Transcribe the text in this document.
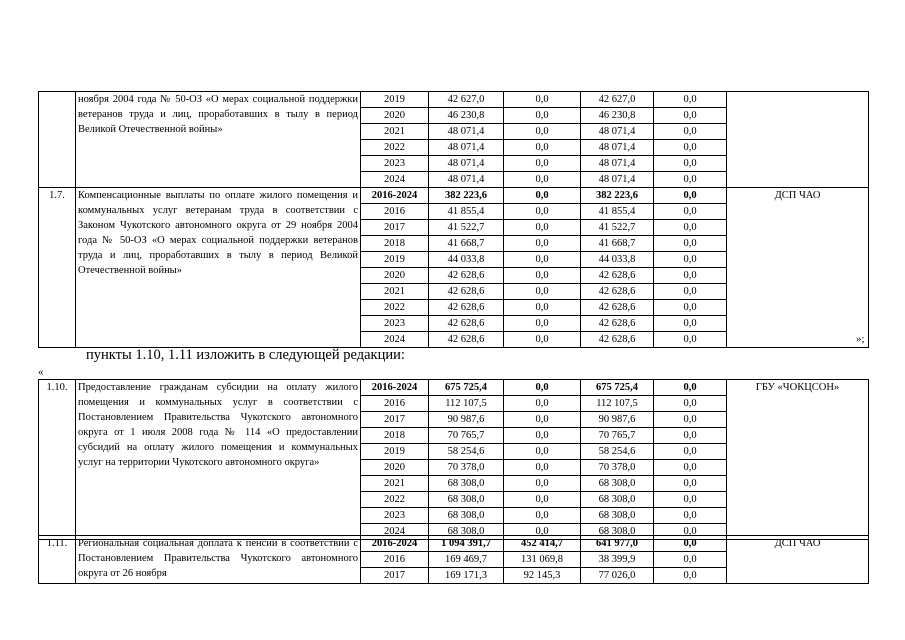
	ноября 2004 года № 50-ОЗ «О мерах социальной поддержки ветеранов труда и лиц, проработавших в тылу в период Великой Отечественной войны»	2019	42 627,0	0,0	42 627,0	0,0	
		2020	46 230,8	0,0	46 230,8	0,0	
		2021	48 071,4	0,0	48 071,4	0,0	
		2022	48 071,4	0,0	48 071,4	0,0	
		2023	48 071,4	0,0	48 071,4	0,0	
		2024	48 071,4	0,0	48 071,4	0,0	
1.7.	Компенсационные выплаты по оплате жилого помещения и коммунальных услуг ветеранам труда в соответствии с Законом Чукотского автономного округа от 29 ноября 2004 года № 50-ОЗ «О мерах социальной поддержки ветеранов труда и лиц, проработавших в тылу в период Великой Отечественной войны»	2016-2024	382 223,6	0,0	382 223,6	0,0	ДСП ЧАО
		2016	41 855,4	0,0	41 855,4	0,0	
		2017	41 522,7	0,0	41 522,7	0,0	
		2018	41 668,7	0,0	41 668,7	0,0	
		2019	44 033,8	0,0	44 033,8	0,0	
		2020	42 628,6	0,0	42 628,6	0,0	
		2021	42 628,6	0,0	42 628,6	0,0	
		2022	42 628,6	0,0	42 628,6	0,0	
		2023	42 628,6	0,0	42 628,6	0,0	
		2024	42 628,6	0,0	42 628,6	0,0		»;
пункты 1.10, 1.11 изложить в следующей редакции:
«
1.10.	Предоставление гражданам субсидии на оплату жилого помещения и коммунальных услуг в соответствии с Постановлением Правительства Чукотского автономного округа от 1 июля 2008 года № 114 «О предоставлении субсидий на оплату жилого помещения и коммунальных услуг на территории Чукотского автономного округа»	2016-2024	675 725,4	0,0	675 725,4	0,0	ГБУ «ЧОКЦСОН»
		2016	112 107,5	0,0	112 107,5	0,0	
		2017	90 987,6	0,0	90 987,6	0,0	
		2018	70 765,7	0,0	70 765,7	0,0	
		2019	58 254,6	0,0	58 254,6	0,0	
		2020	70 378,0	0,0	70 378,0	0,0	
		2021	68 308,0	0,0	68 308,0	0,0	
		2022	68 308,0	0,0	68 308,0	0,0	
		2023	68 308,0	0,0	68 308,0	0,0	
		2024	68 308,0	0,0	68 308,0	0,0	
1.11.	Региональная социальная доплата к пенсии в соответствии с Постановлением Правительства Чукотского автономного округа от 26 ноября	2016-2024	1 094 391,7	452 414,7	641 977,0	0,0	ДСП ЧАО
		2016	169 469,7	131 069,8	38 399,9	0,0	
		2017	169 171,3	92 145,3	77 026,0	0,0	
